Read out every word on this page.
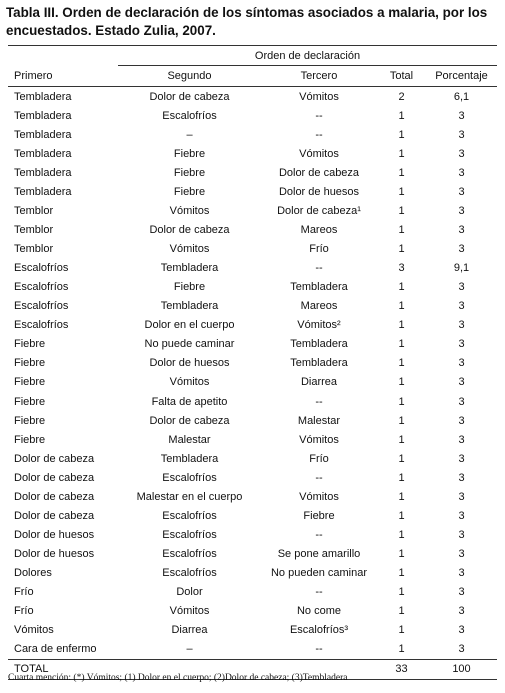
Tabla III. Orden de declaración de los síntomas asociados a malaria, por los encuestados. Estado Zulia, 2007.
	Orden de declaración			
Primero	Segundo	Tercero	Total	Porcentaje
Tembladera	Dolor de cabeza	Vómitos	2	6,1
Tembladera	Escalofríos	--	1	3
Tembladera	–	--	1	3
Tembladera	Fiebre	Vómitos	1	3
Tembladera	Fiebre	Dolor de cabeza	1	3
Tembladera	Fiebre	Dolor de huesos	1	3
Temblor	Vómitos	Dolor de cabeza¹	1	3
Temblor	Dolor de cabeza	Mareos	1	3
Temblor	Vómitos	Frío	1	3
Escalofríos	Tembladera	--	3	9,1
Escalofríos	Fiebre	Tembladera	1	3
Escalofríos	Tembladera	Mareos	1	3
Escalofríos	Dolor en el cuerpo	Vómitos²	1	3
Fiebre	No puede caminar	Tembladera	1	3
Fiebre	Dolor de huesos	Tembladera	1	3
Fiebre	Vómitos	Diarrea	1	3
Fiebre	Falta de apetito	--	1	3
Fiebre	Dolor de cabeza	Malestar	1	3
Fiebre	Malestar	Vómitos	1	3
Dolor de cabeza	Tembladera	Frío	1	3
Dolor de cabeza	Escalofríos	--	1	3
Dolor de cabeza	Malestar en el cuerpo	Vómitos	1	3
Dolor de cabeza	Escalofríos	Fiebre	1	3
Dolor de huesos	Escalofríos	--	1	3
Dolor de huesos	Escalofríos	Se pone amarillo	1	3
Dolores	Escalofríos	No pueden caminar	1	3
Frío	Dolor	--	1	3
Frío	Vómitos	No come	1	3
Vómitos	Diarrea	Escalofríos³	1	3
Cara de enfermo	–	--	1	3
TOTAL			33	100
Cuarta mención: (*) Vómitos; (1) Dolor en el cuerpo; (2)Dolor de cabeza; (3)Tembladera
